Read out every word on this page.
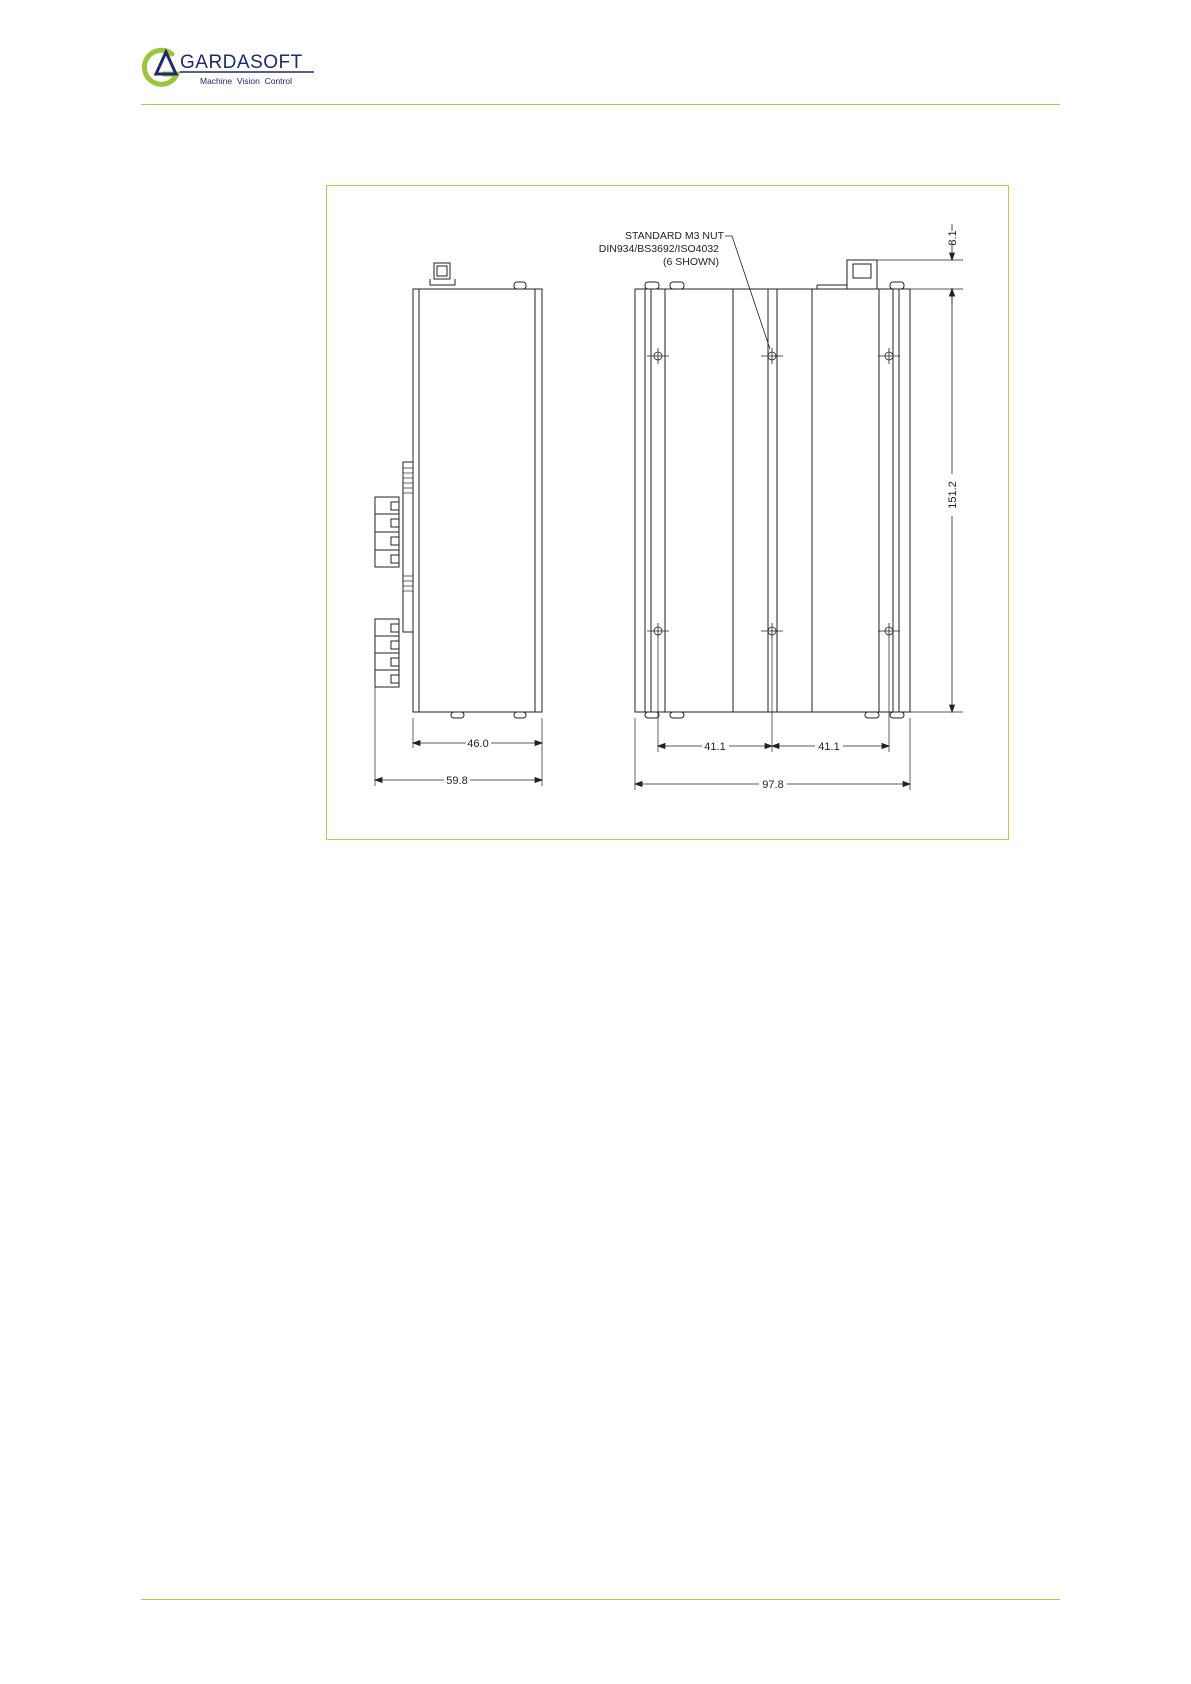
GARDASOFT
Machine  Vision  Control
STANDARD M3 NUT
DIN934/BS3692/ISO4032
(6 SHOWN)
46.0
59.8
41.1	41.1
97.8
8.1
151.2
